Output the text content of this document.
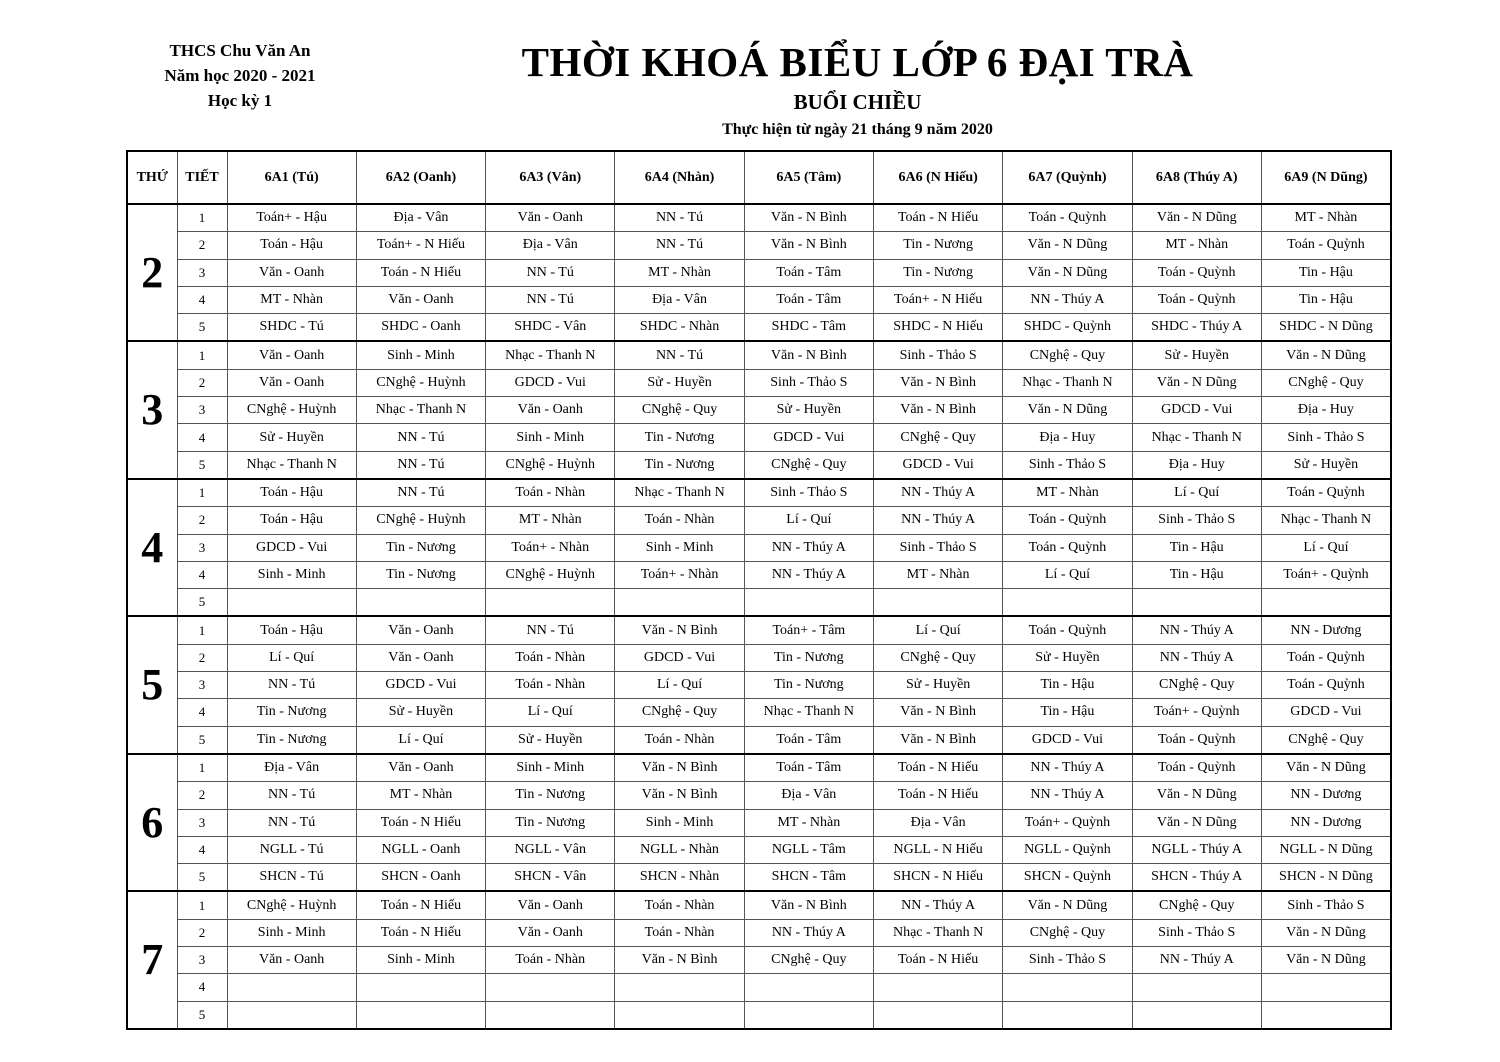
THCS Chu Văn An
Năm học 2020 - 2021
Học kỳ 1
THỜI KHOÁ BIỂU LỚP 6 ĐẠI TRÀ
BUỔI CHIỀU
Thực hiện từ ngày 21 tháng 9 năm 2020
THỨ	TIẾT	6A1 (Tú)	6A2 (Oanh)	6A3 (Vân)	6A4 (Nhàn)	6A5 (Tâm)	6A6 (N Hiếu)	6A7 (Quỳnh)	6A8 (Thúy A)	6A9 (N Dũng)
2	1	Toán+ - Hậu	Địa - Vân	Văn - Oanh	NN - Tú	Văn - N Bình	Toán - N Hiếu	Toán - Quỳnh	Văn - N Dũng	MT - Nhàn
	2	Toán - Hậu	Toán+ - N Hiếu	Địa - Vân	NN - Tú	Văn - N Bình	Tin - Nương	Văn - N Dũng	MT - Nhàn	Toán - Quỳnh
	3	Văn - Oanh	Toán - N Hiếu	NN - Tú	MT - Nhàn	Toán - Tâm	Tin - Nương	Văn - N Dũng	Toán - Quỳnh	Tin - Hậu
	4	MT - Nhàn	Văn - Oanh	NN - Tú	Địa - Vân	Toán - Tâm	Toán+ - N Hiếu	NN - Thúy A	Toán - Quỳnh	Tin - Hậu
	5	SHDC - Tú	SHDC - Oanh	SHDC - Vân	SHDC - Nhàn	SHDC - Tâm	SHDC - N Hiếu	SHDC - Quỳnh	SHDC - Thúy A	SHDC - N Dũng
3	1	Văn - Oanh	Sinh - Minh	Nhạc - Thanh N	NN - Tú	Văn - N Bình	Sinh - Thảo S	CNghệ - Quy	Sử - Huyền	Văn - N Dũng
	2	Văn - Oanh	CNghệ - Huỳnh	GDCD - Vui	Sử - Huyền	Sinh - Thảo S	Văn - N Bình	Nhạc - Thanh N	Văn - N Dũng	CNghệ - Quy
	3	CNghệ - Huỳnh	Nhạc - Thanh N	Văn - Oanh	CNghệ - Quy	Sử - Huyền	Văn - N Bình	Văn - N Dũng	GDCD - Vui	Địa - Huy
	4	Sử - Huyền	NN - Tú	Sinh - Minh	Tin - Nương	GDCD - Vui	CNghệ - Quy	Địa - Huy	Nhạc - Thanh N	Sinh - Thảo S
	5	Nhạc - Thanh N	NN - Tú	CNghệ - Huỳnh	Tin - Nương	CNghệ - Quy	GDCD - Vui	Sinh - Thảo S	Địa - Huy	Sử - Huyền
4	1	Toán - Hậu	NN - Tú	Toán - Nhàn	Nhạc - Thanh N	Sinh - Thảo S	NN - Thúy A	MT - Nhàn	Lí - Quí	Toán - Quỳnh
	2	Toán - Hậu	CNghệ - Huỳnh	MT - Nhàn	Toán - Nhàn	Lí - Quí	NN - Thúy A	Toán - Quỳnh	Sinh - Thảo S	Nhạc - Thanh N
	3	GDCD - Vui	Tin - Nương	Toán+ - Nhàn	Sinh - Minh	NN - Thúy A	Sinh - Thảo S	Toán - Quỳnh	Tin - Hậu	Lí - Quí
	4	Sinh - Minh	Tin - Nương	CNghệ - Huỳnh	Toán+ - Nhàn	NN - Thúy A	MT - Nhàn	Lí - Quí	Tin - Hậu	Toán+ - Quỳnh
	5									
5	1	Toán - Hậu	Văn - Oanh	NN - Tú	Văn - N Bình	Toán+ - Tâm	Lí - Quí	Toán - Quỳnh	NN - Thúy A	NN - Dương
	2	Lí - Quí	Văn - Oanh	Toán - Nhàn	GDCD - Vui	Tin - Nương	CNghệ - Quy	Sử - Huyền	NN - Thúy A	Toán - Quỳnh
	3	NN - Tú	GDCD - Vui	Toán - Nhàn	Lí - Quí	Tin - Nương	Sử - Huyền	Tin - Hậu	CNghệ - Quy	Toán - Quỳnh
	4	Tin - Nương	Sử - Huyền	Lí - Quí	CNghệ - Quy	Nhạc - Thanh N	Văn - N Bình	Tin - Hậu	Toán+ - Quỳnh	GDCD - Vui
	5	Tin - Nương	Lí - Quí	Sử - Huyền	Toán - Nhàn	Toán - Tâm	Văn - N Bình	GDCD - Vui	Toán - Quỳnh	CNghệ - Quy
6	1	Địa - Vân	Văn - Oanh	Sinh - Minh	Văn - N Bình	Toán - Tâm	Toán - N Hiếu	NN - Thúy A	Toán - Quỳnh	Văn - N Dũng
	2	NN - Tú	MT - Nhàn	Tin - Nương	Văn - N Bình	Địa - Vân	Toán - N Hiếu	NN - Thúy A	Văn - N Dũng	NN - Dương
	3	NN - Tú	Toán - N Hiếu	Tin - Nương	Sinh - Minh	MT - Nhàn	Địa - Vân	Toán+ - Quỳnh	Văn - N Dũng	NN - Dương
	4	NGLL - Tú	NGLL - Oanh	NGLL - Vân	NGLL - Nhàn	NGLL - Tâm	NGLL - N Hiếu	NGLL - Quỳnh	NGLL - Thúy A	NGLL - N Dũng
	5	SHCN - Tú	SHCN - Oanh	SHCN - Vân	SHCN - Nhàn	SHCN - Tâm	SHCN - N Hiếu	SHCN - Quỳnh	SHCN - Thúy A	SHCN - N Dũng
7	1	CNghệ - Huỳnh	Toán - N Hiếu	Văn - Oanh	Toán - Nhàn	Văn - N Bình	NN - Thúy A	Văn - N Dũng	CNghệ - Quy	Sinh - Thảo S
	2	Sinh - Minh	Toán - N Hiếu	Văn - Oanh	Toán - Nhàn	NN - Thúy A	Nhạc - Thanh N	CNghệ - Quy	Sinh - Thảo S	Văn - N Dũng
	3	Văn - Oanh	Sinh - Minh	Toán - Nhàn	Văn - N Bình	CNghệ - Quy	Toán - N Hiếu	Sinh - Thảo S	NN - Thúy A	Văn - N Dũng
	4									
	5									
